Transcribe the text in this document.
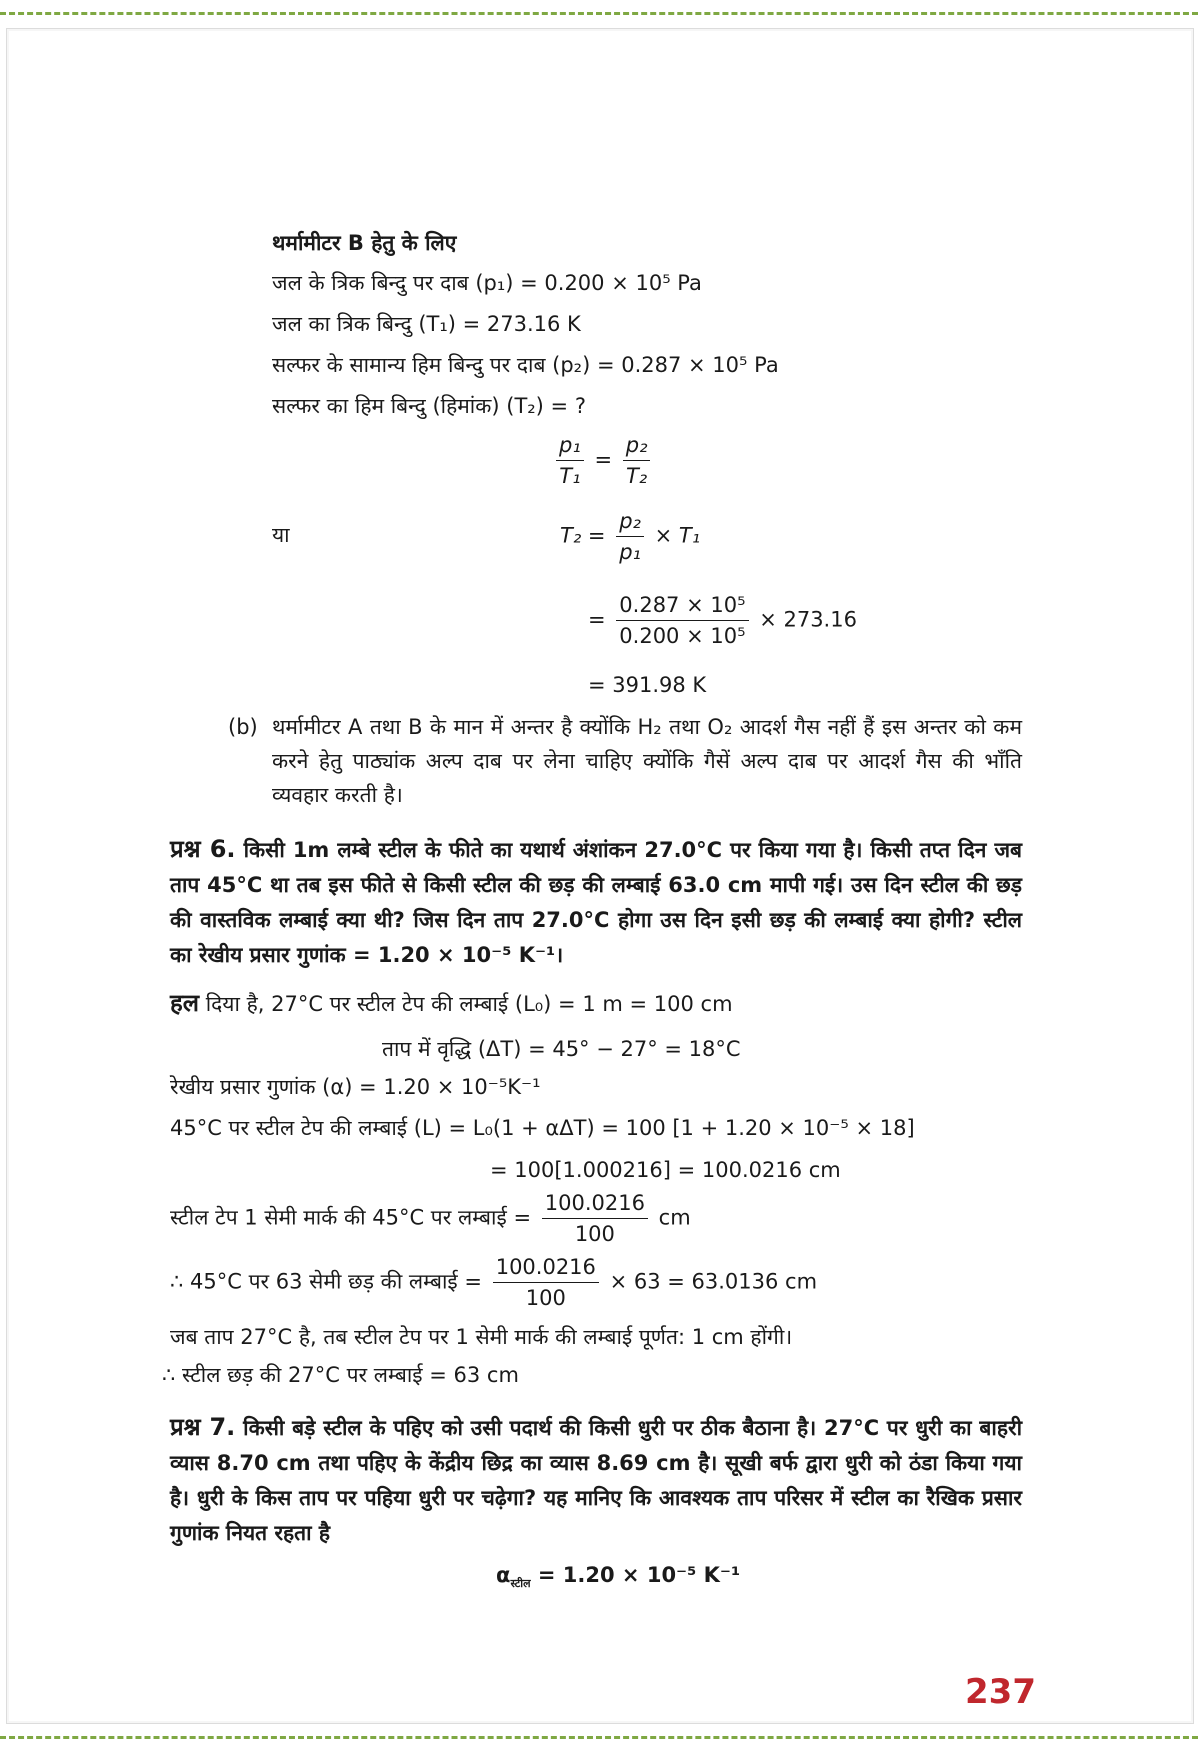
थर्मामीटर B हेतु के लिए
जल के त्रिक बिन्दु पर दाब (p₁) = 0.200 × 10⁵ Pa
जल का त्रिक बिन्दु (T₁) = 273.16 K
सल्फर के सामान्य हिम बिन्दु पर दाब (p₂) = 0.287 × 10⁵ Pa
सल्फर का हिम बिन्दु (हिमांक) (T₂) = ?
$\frac{\text{p₁}}{\text{T₁}} = \frac{\text{p₂}}{\text{T₂}}$
या	$T_2 = \frac{\text{p₂}}{\text{p₁}} \times T_1$
= $\frac{\text{0.287 × 10⁵}}{\text{0.200 × 10⁵}} \times 273.16$
= 391.98 K
(b) थर्मामीटर A तथा B के मान में अन्तर है क्योंकि H₂ तथा O₂ आदर्श गैस नहीं हैं इस अन्तर को कम करने हेतु पाठ्यांक अल्प दाब पर लेना चाहिए क्योंकि गैसें अल्प दाब पर आदर्श गैस की भाँति व्यवहार करती है।
प्रश्न 6. किसी 1m लम्बे स्टील के फीते का यथार्थ अंशांकन 27.0°C पर किया गया है। किसी तप्त दिन जब ताप 45°C था तब इस फीते से किसी स्टील की छड़ की लम्बाई 63.0 cm मापी गई। उस दिन स्टील की छड़ की वास्तविक लम्बाई क्या थी? जिस दिन ताप 27.0°C होगा उस दिन इसी छड़ की लम्बाई क्या होगी? स्टील का रेखीय प्रसार गुणांक = 1.20 × 10⁻⁵ K⁻¹।
हल दिया है, 27°C पर स्टील टेप की लम्बाई (L₀) = 1 m = 100 cm
ताप में वृद्धि (ΔT) = 45° − 27° = 18°C
रेखीय प्रसार गुणांक (α) = 1.20 × 10⁻⁵K⁻¹
45°C पर स्टील टेप की लम्बाई (L) = L₀(1 + αΔT) = 100 [1 + 1.20 × 10⁻⁵ × 18]
= 100[1.000216] = 100.0216 cm
स्टील टेप 1 सेमी मार्क की 45°C पर लम्बाई = $\frac{100.0216}{100}$ cm
∴ 45°C पर 63 सेमी छड़ की लम्बाई = $\frac{100.0216}{100} \times 63 = 63.0136$ cm
जब ताप 27°C है, तब स्टील टेप पर 1 सेमी मार्क की लम्बाई पूर्णत: 1 cm होंगी।
∴ स्टील छड़ की 27°C पर लम्बाई = 63 cm
प्रश्न 7. किसी बड़े स्टील के पहिए को उसी पदार्थ की किसी धुरी पर ठीक बैठाना है। 27°C पर धुरी का बाहरी व्यास 8.70 cm तथा पहिए के केंद्रीय छिद्र का व्यास 8.69 cm है। सूखी बर्फ द्वारा धुरी को ठंडा किया गया है। धुरी के किस ताप पर पहिया धुरी पर चढ़ेगा? यह मानिए कि आवश्यक ताप परिसर में स्टील का रैखिक प्रसार गुणांक नियत रहता है
$\alpha_{स्टील} = 1.20 \times 10^{-5}$ K⁻¹
237
